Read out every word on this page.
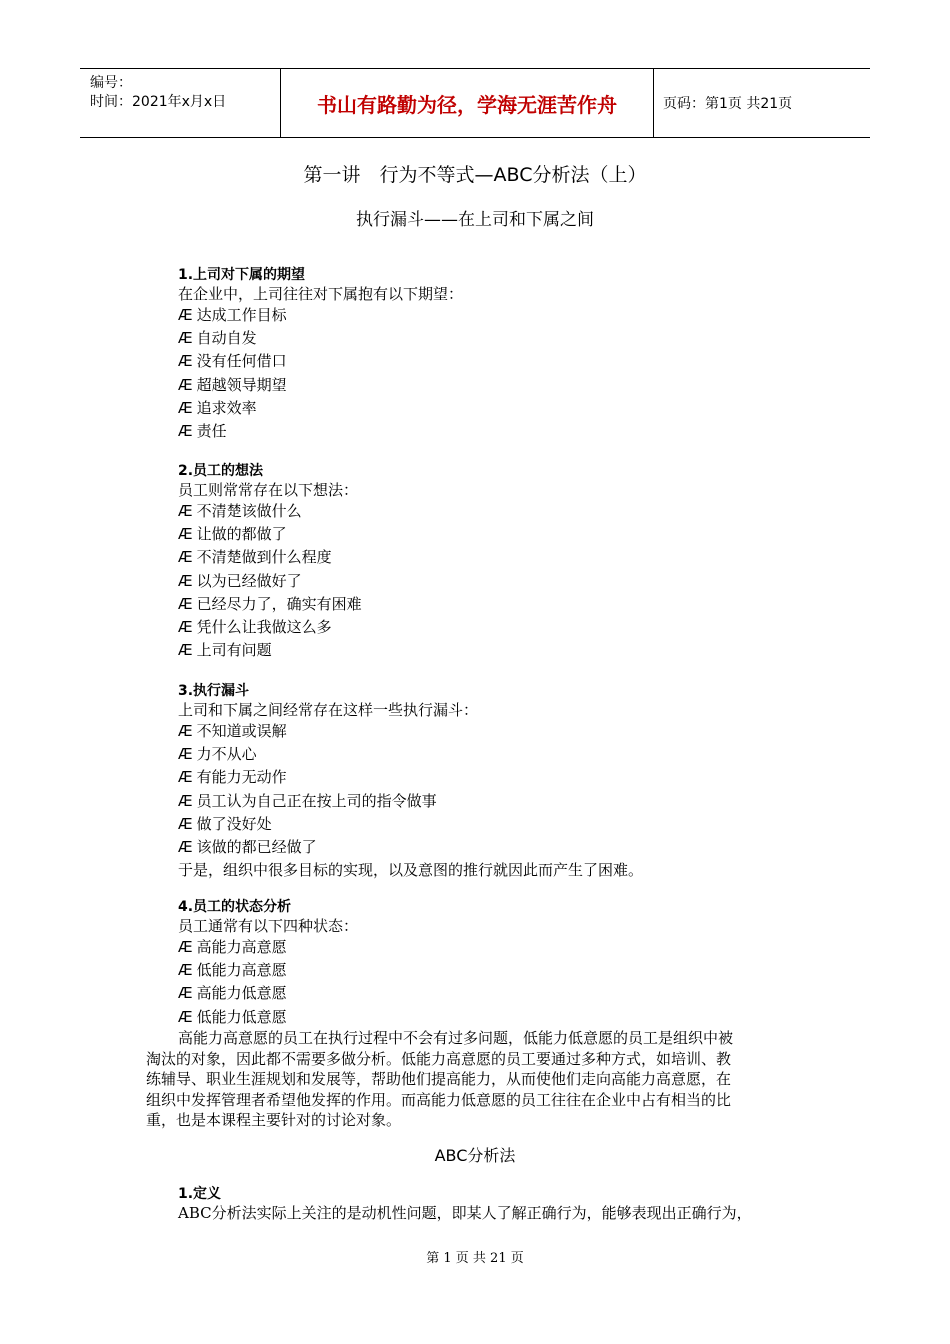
编号：
时间：2021年x月x日	书山有路勤为径，学海无涯苦作舟	页码：第1页 共21页
第一讲　行为不等式—ABC分析法（上）
执行漏斗——在上司和下属之间
1.上司对下属的期望
在企业中，上司往往对下属抱有以下期望：
Æ 达成工作目标
Æ 自动自发
Æ 没有任何借口
Æ 超越领导期望
Æ 追求效率
Æ 责任
2.员工的想法
员工则常常存在以下想法：
Æ 不清楚该做什么
Æ 让做的都做了
Æ 不清楚做到什么程度
Æ 以为已经做好了
Æ 已经尽力了，确实有困难
Æ 凭什么让我做这么多
Æ 上司有问题
3.执行漏斗
上司和下属之间经常存在这样一些执行漏斗：
Æ 不知道或误解
Æ 力不从心
Æ 有能力无动作
Æ 员工认为自己正在按上司的指令做事
Æ 做了没好处
Æ 该做的都已经做了
于是，组织中很多目标的实现，以及意图的推行就因此而产生了困难。
4.员工的状态分析
员工通常有以下四种状态：
Æ 高能力高意愿
Æ 低能力高意愿
Æ 高能力低意愿
Æ 低能力低意愿
高能力高意愿的员工在执行过程中不会有过多问题，低能力低意愿的员工是组织中被
淘汰的对象，因此都不需要多做分析。低能力高意愿的员工要通过多种方式，如培训、教
练辅导、职业生涯规划和发展等，帮助他们提高能力，从而使他们走向高能力高意愿，在
组织中发挥管理者希望他发挥的作用。而高能力低意愿的员工往往在企业中占有相当的比
重，也是本课程主要针对的讨论对象。
ABC分析法
1.定义
ABC分析法实际上关注的是动机性问题，即某人了解正确行为，能够表现出正确行为，
第 1 页 共 21 页
